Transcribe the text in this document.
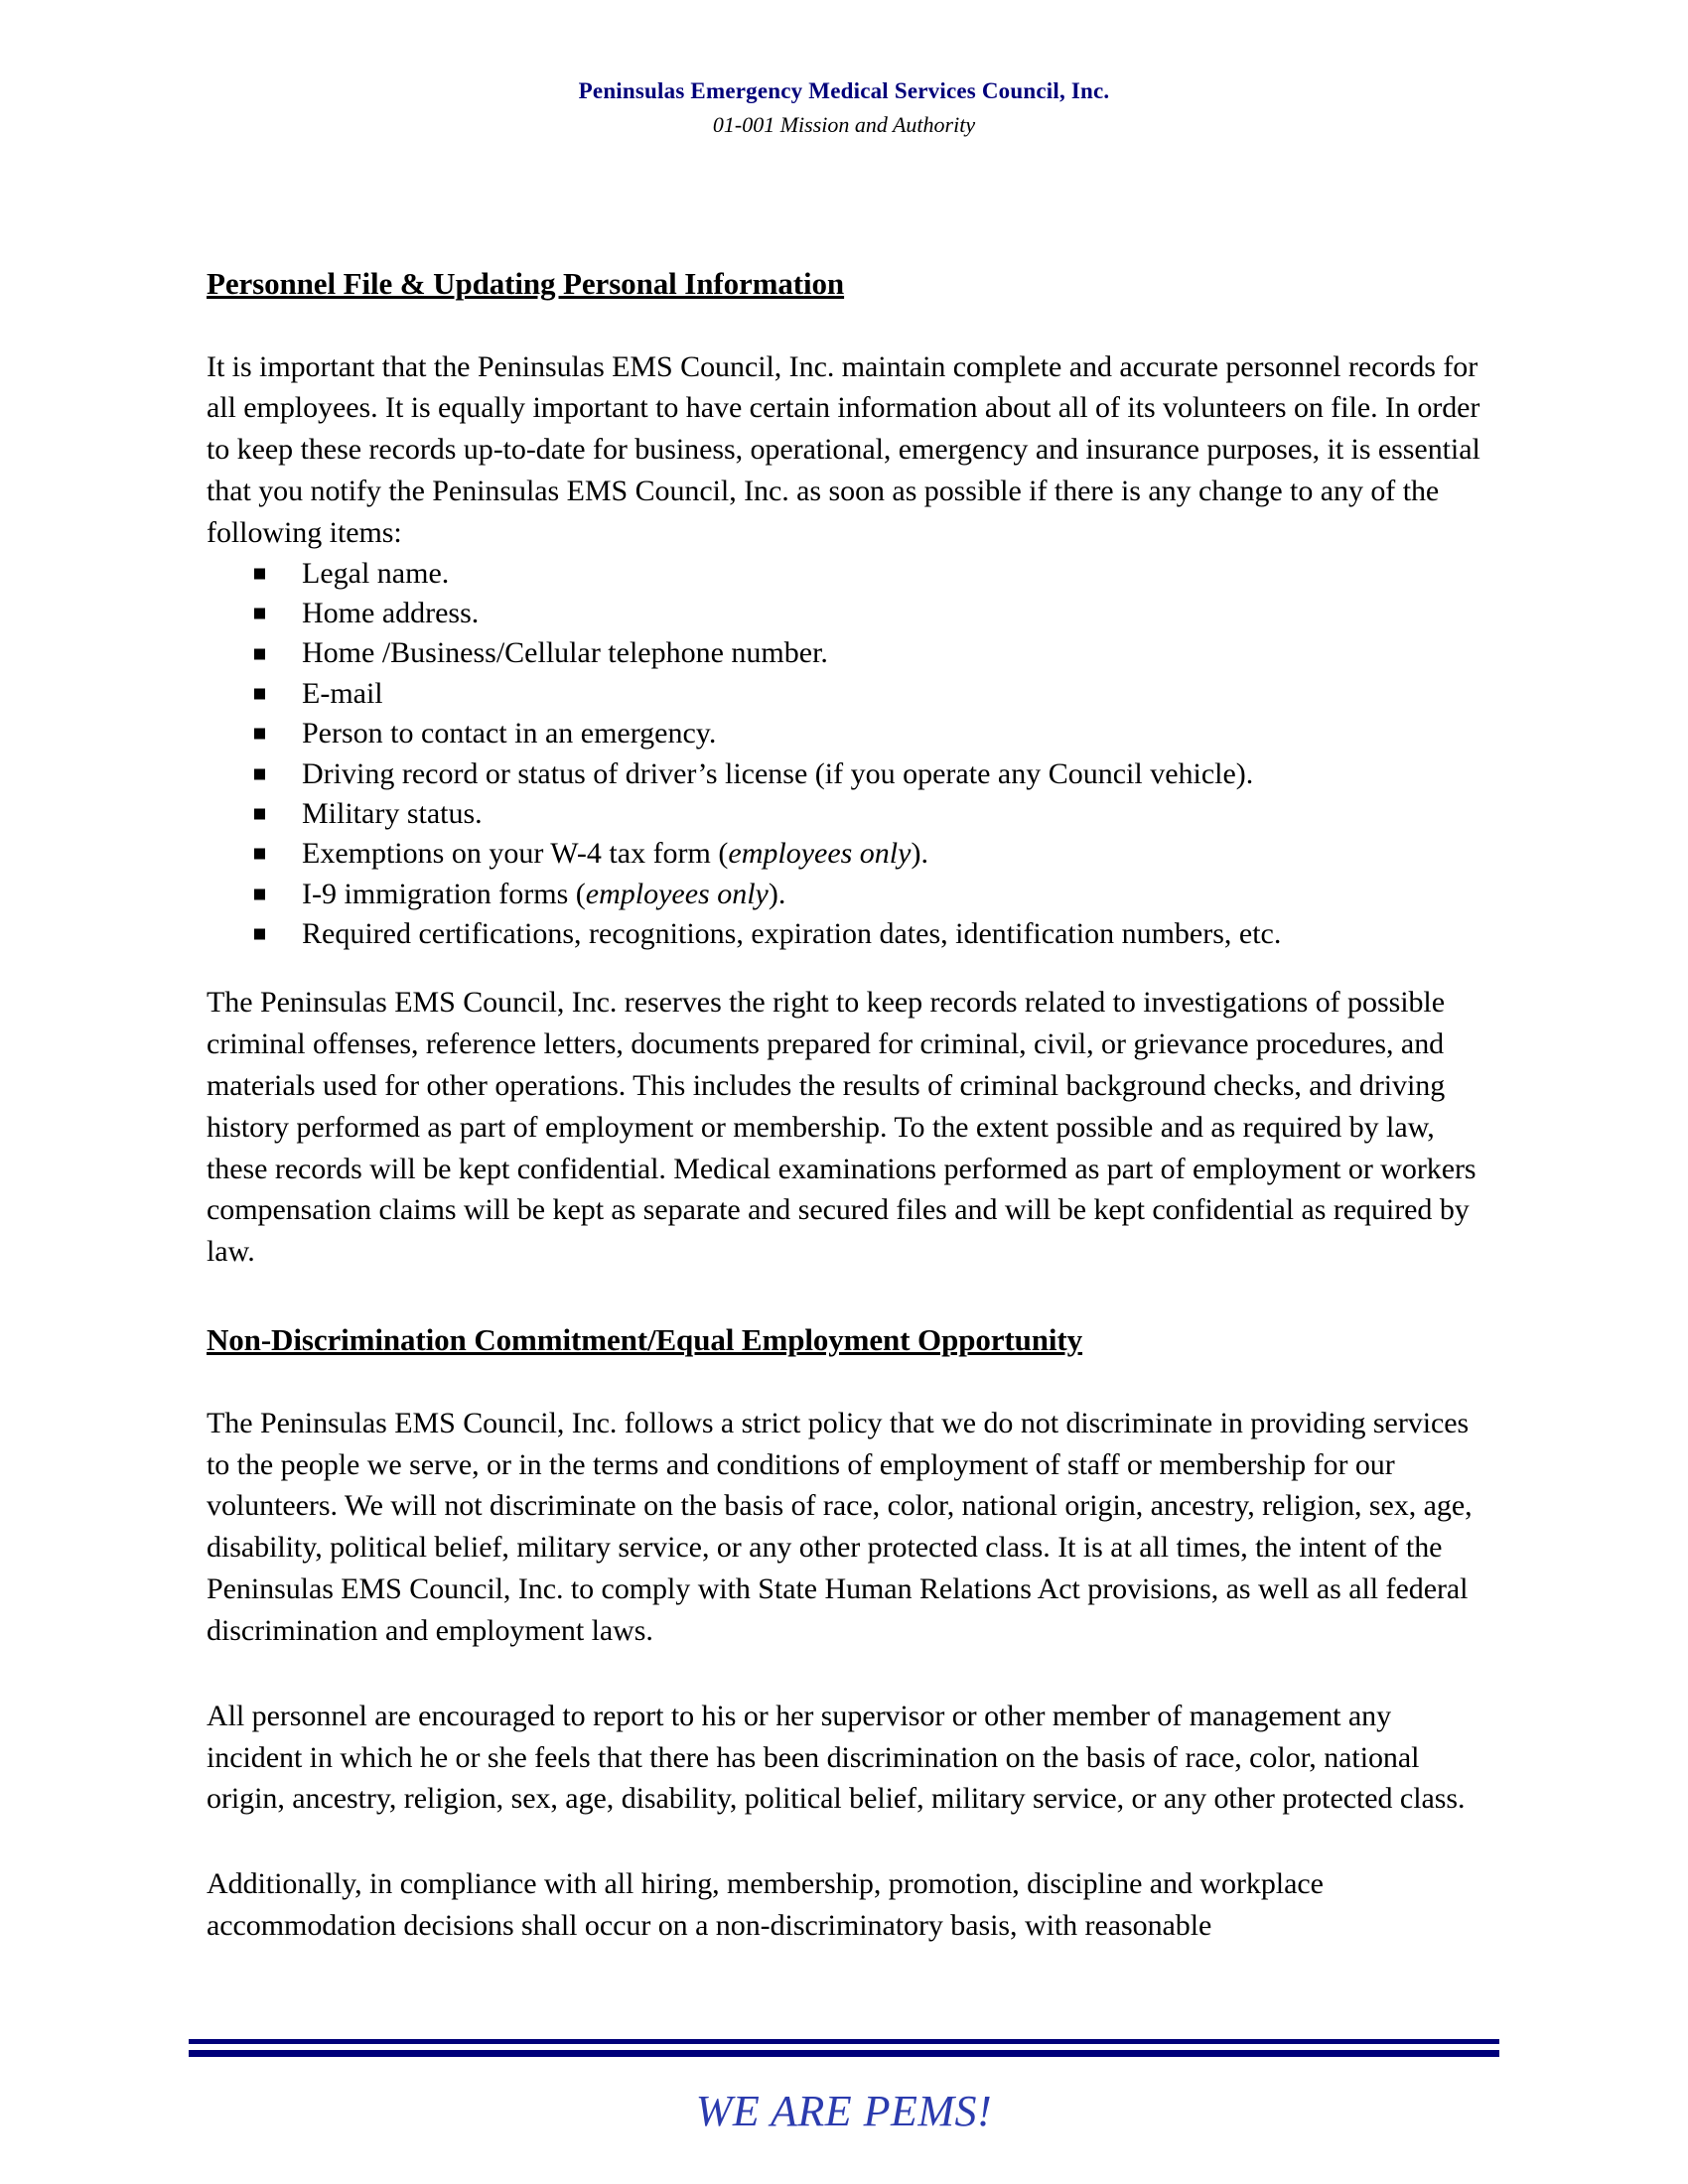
Peninsulas Emergency Medical Services Council, Inc.
01-001 Mission and Authority
Personnel File & Updating Personal Information

It is important that the Peninsulas EMS Council, Inc. maintain complete and accurate personnel records for all employees. It is equally important to have certain information about all of its volunteers on file. In order to keep these records up-to-date for business, operational, emergency and insurance purposes, it is essential that you notify the Peninsulas EMS Council, Inc. as soon as possible if there is any change to any of the following items:

Legal name.
Home address.
Home /Business/Cellular telephone number.
E-mail
Person to contact in an emergency.
Driving record or status of driver’s license (if you operate any Council vehicle).
Military status.
Exemptions on your W-4 tax form (employees only).
I-9 immigration forms (employees only).
Required certifications, recognitions, expiration dates, identification numbers, etc.

The Peninsulas EMS Council, Inc. reserves the right to keep records related to investigations of possible criminal offenses, reference letters, documents prepared for criminal, civil, or grievance procedures, and materials used for other operations. This includes the results of criminal background checks, and driving history performed as part of employment or membership. To the extent possible and as required by law, these records will be kept confidential. Medical examinations performed as part of employment or workers compensation claims will be kept as separate and secured files and will be kept confidential as required by law.

Non-Discrimination Commitment/Equal Employment Opportunity

The Peninsulas EMS Council, Inc. follows a strict policy that we do not discriminate in providing services to the people we serve, or in the terms and conditions of employment of staff or membership for our volunteers. We will not discriminate on the basis of race, color, national origin, ancestry, religion, sex, age, disability, political belief, military service, or any other protected class. It is at all times, the intent of the Peninsulas EMS Council, Inc. to comply with State Human Relations Act provisions, as well as all federal discrimination and employment laws.

All personnel are encouraged to report to his or her supervisor or other member of management any incident in which he or she feels that there has been discrimination on the basis of race, color, national origin, ancestry, religion, sex, age, disability, political belief, military service, or any other protected class.

Additionally, in compliance with all hiring, membership, promotion, discipline and workplace accommodation decisions shall occur on a non-discriminatory basis, with reasonable

WE ARE PEMS!
